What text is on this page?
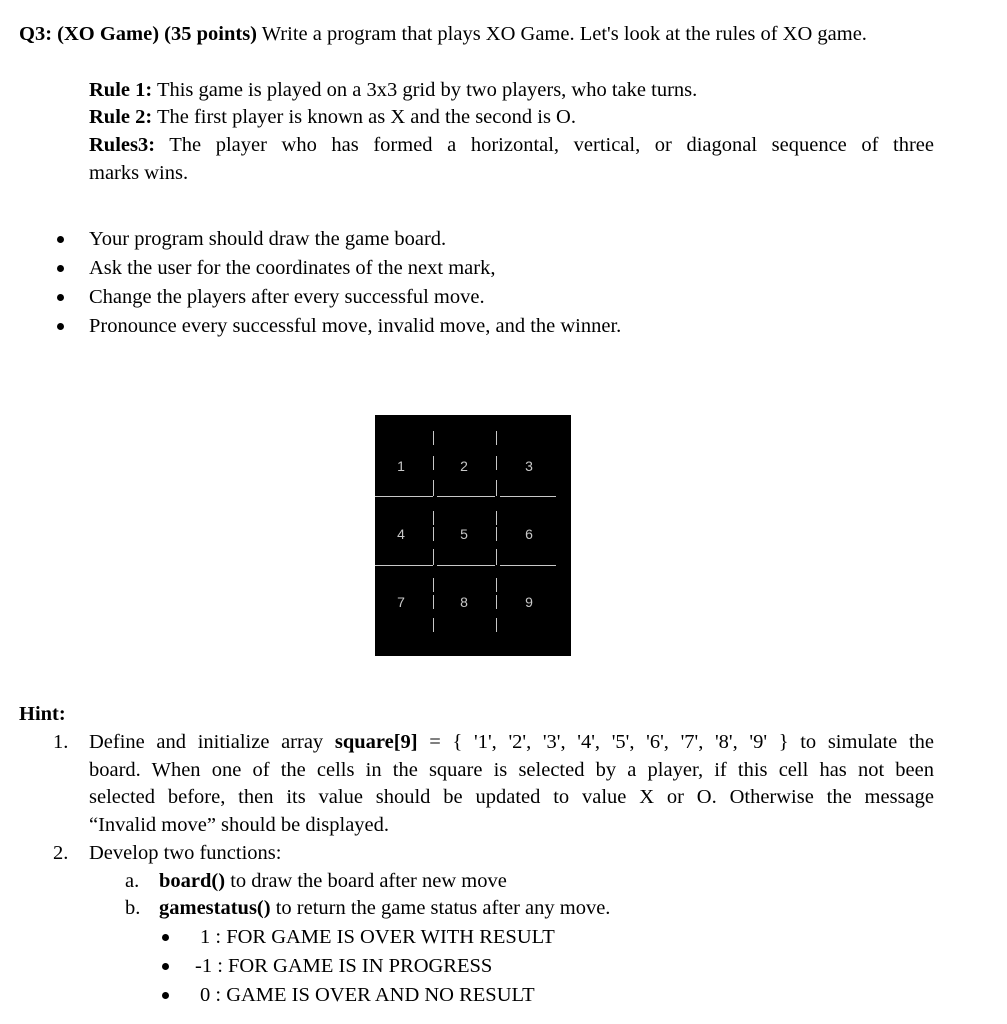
Q3: (XO Game) (35 points) Write a program that plays XO Game. Let's look at the rules of XO game.
Rule 1: This game is played on a 3x3 grid by two players, who take turns.
Rule 2: The first player is known as X and the second is O.
Rules3: The player who has formed a horizontal, vertical, or diagonal sequence of three
marks wins.
Your program should draw the game board.
Ask the user for the coordinates of the next mark,
Change the players after every successful move.
Pronounce every successful move, invalid move, and the winner.
1	2	3
4	5	6
7	8	9
Hint:
1. Define and initialize array square[9] = { '1', '2', '3', '4', '5', '6', '7', '8', '9' } to simulate the
board. When one of the cells in the square is selected by a player, if this cell has not been
selected before, then its value should be updated to value X or O. Otherwise the message
“Invalid move” should be displayed.
2. Develop two functions:
a. board() to draw the board after new move
b. gamestatus() to return the game status after any move.
1 : FOR GAME IS OVER WITH RESULT
-1 : FOR GAME IS IN PROGRESS
0 : GAME IS OVER AND NO RESULT
